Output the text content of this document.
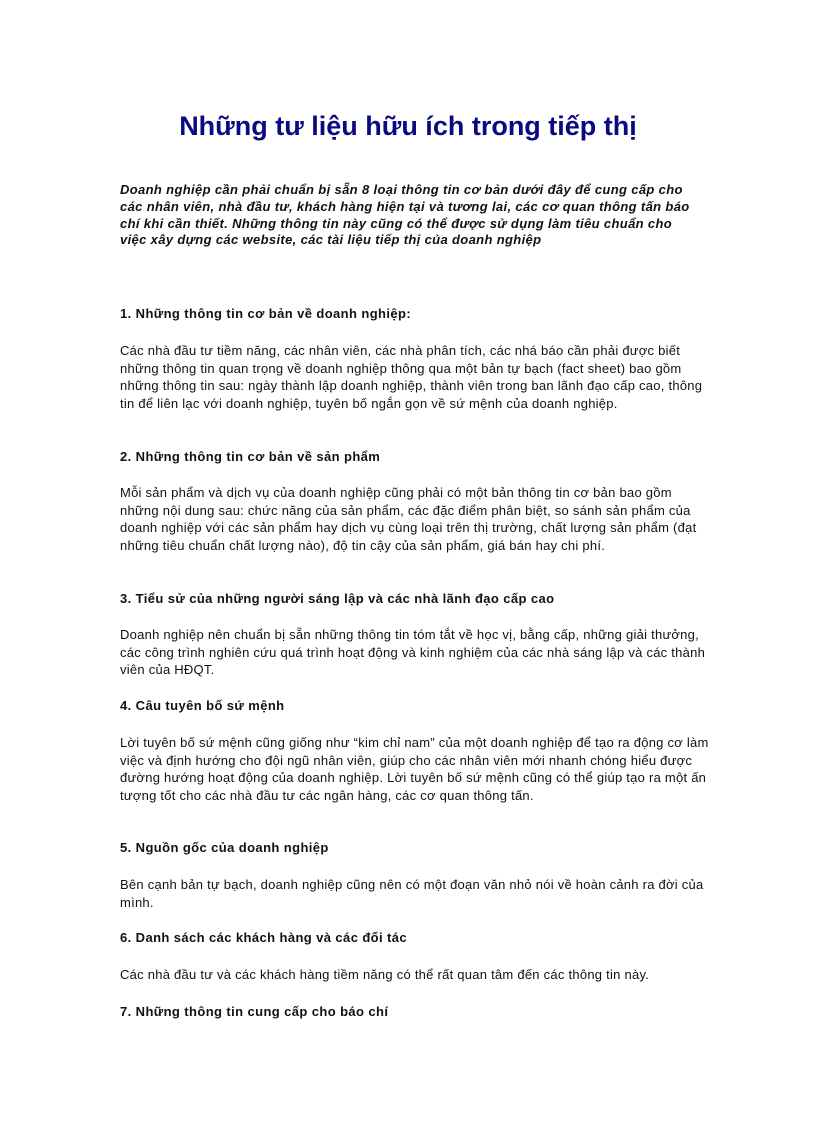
Những tư liệu hữu ích trong tiếp thị

Doanh nghiệp cần phải chuẩn bị sẵn 8 loại thông tin cơ bản dưới đây để cung cấp cho các nhân viên, nhà đầu tư, khách hàng hiện tại và tương lai, các cơ quan thông tấn báo chí khi cần thiết. Những thông tin này cũng có thể được sử dụng làm tiêu chuẩn cho việc xây dựng các website, các tài liệu tiếp thị của doanh nghiệp

1. Những thông tin cơ bản về doanh nghiệp:

Các nhà đầu tư tiềm năng, các nhân viên, các nhà phân tích, các nhá báo cần phải được biết những thông tin quan trọng về doanh nghiệp thông qua một bản tự bạch (fact sheet) bao gồm những thông tin sau: ngày thành lập doanh nghiệp, thành viên trong ban lãnh đạo cấp cao, thông tin để liên lạc với doanh nghiệp, tuyên bố ngắn gọn về sứ mệnh của doanh nghiệp.

2. Những thông tin cơ bản về sản phẩm

Mỗi sản phẩm và dịch vụ của doanh nghiệp cũng phải có một bản thông tin cơ bản bao gồm những nội dung sau: chức năng của sản phẩm, các đặc điểm phân biệt, so sánh sản phẩm của doanh nghiệp với các sản phẩm hay dịch vụ cùng loại trên thị trường, chất lượng sản phẩm (đạt những tiêu chuẩn chất lượng nào), độ tin cậy của sản phẩm, giá bán hay chi phí.

3. Tiểu sử của những người sáng lập và các nhà lãnh đạo cấp cao

Doanh nghiệp nên chuẩn bị sẵn những thông tin tóm tắt về học vị, bằng cấp, những giải thưởng, các công trình nghiên cứu quá trình hoạt động và kinh nghiệm của các nhà sáng lập và các thành viên của HĐQT.

4. Câu tuyên bố sứ mệnh

Lời tuyên bố sứ mệnh cũng giống như “kim chỉ nam” của một doanh nghiệp để tạo ra động cơ làm việc và định hướng cho đội ngũ nhân viên, giúp cho các nhân viên mới nhanh chóng hiểu được đường hướng hoạt động của doanh nghiệp. Lời tuyên bố sứ mệnh cũng có thể giúp tạo ra một ấn tượng tốt cho các nhà đầu tư các ngân hàng, các cơ quan thông tấn.

5. Nguồn gốc của doanh nghiệp

Bên cạnh bản tự bạch, doanh nghiệp cũng nên có một đoạn văn nhỏ nói về hoàn cảnh ra đời của mình.

6. Danh sách các khách hàng và các đối tác

Các nhà đầu tư và các khách hàng tiềm năng có thể rất quan tâm đến các thông tin này.

7. Những thông tin cung cấp cho báo chí
